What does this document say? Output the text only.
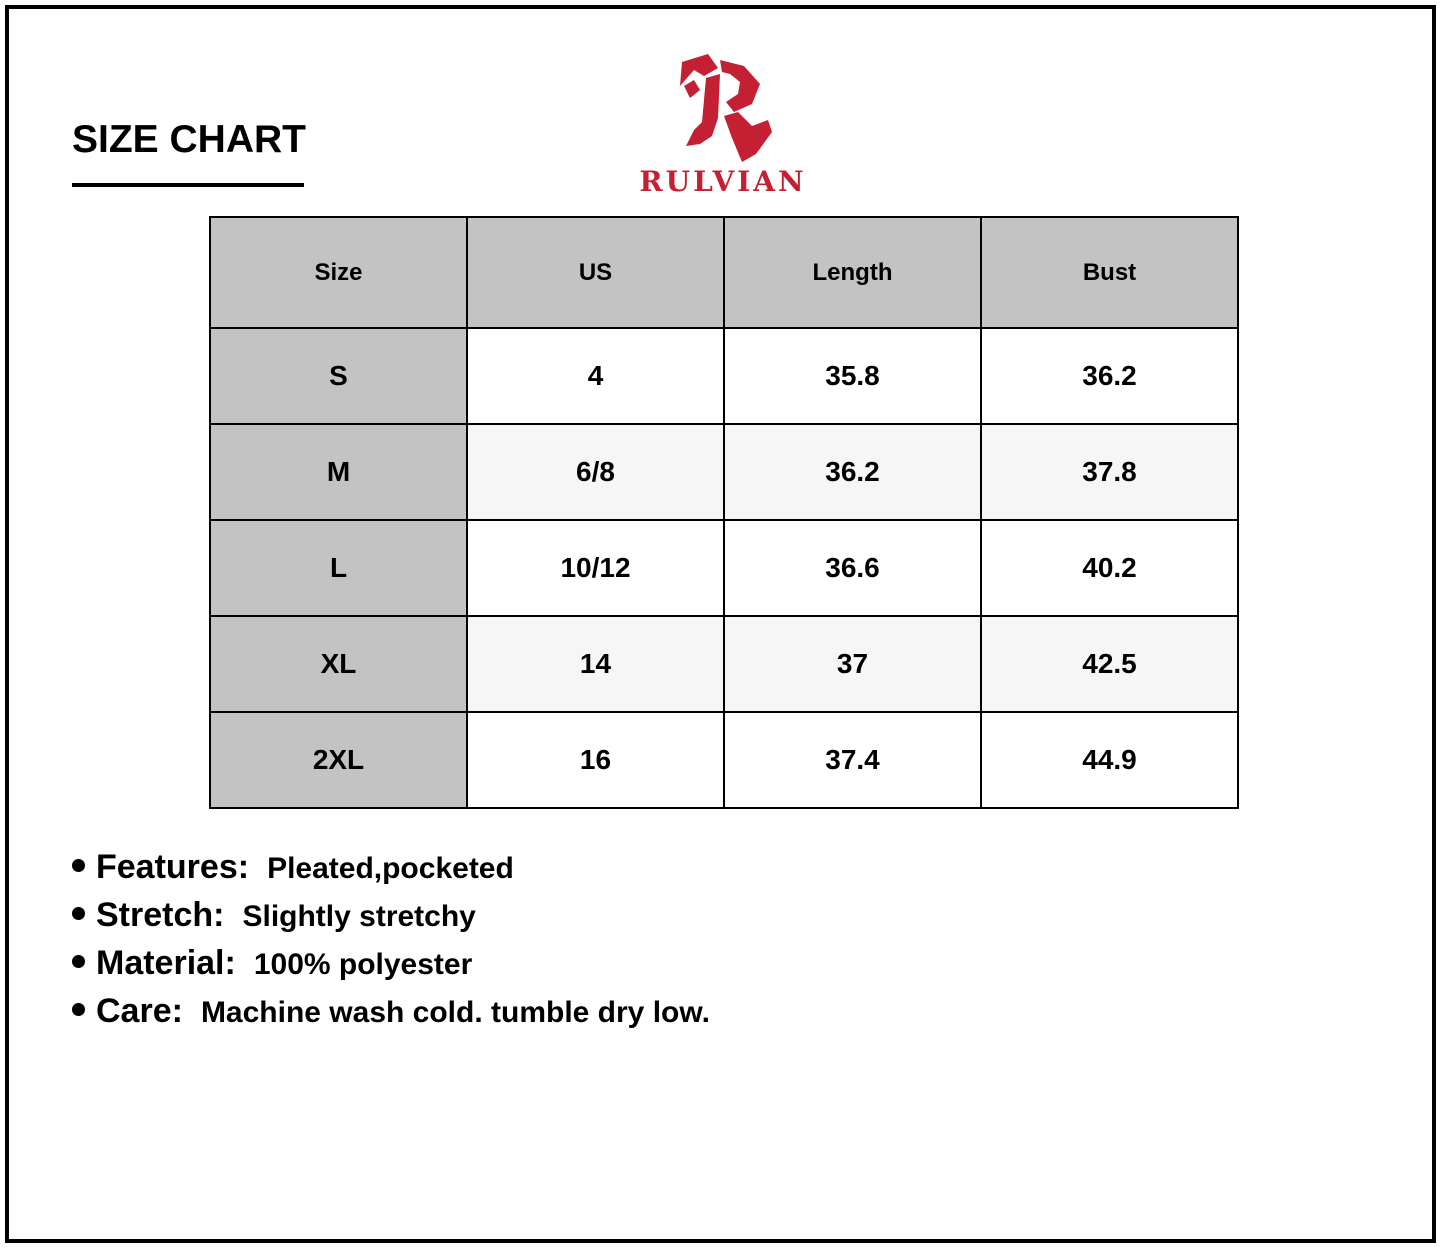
SIZE CHART
RULVIAN
Size	US	Length	Bust
S	4	35.8	36.2
M	6/8	36.2	37.8
L	10/12	36.6	40.2
XL	14	37	42.5
2XL	16	37.4	44.9
Features: Pleated,pocketed
Stretch: Slightly stretchy
Material: 100% polyester
Care: Machine wash cold. tumble dry low.
